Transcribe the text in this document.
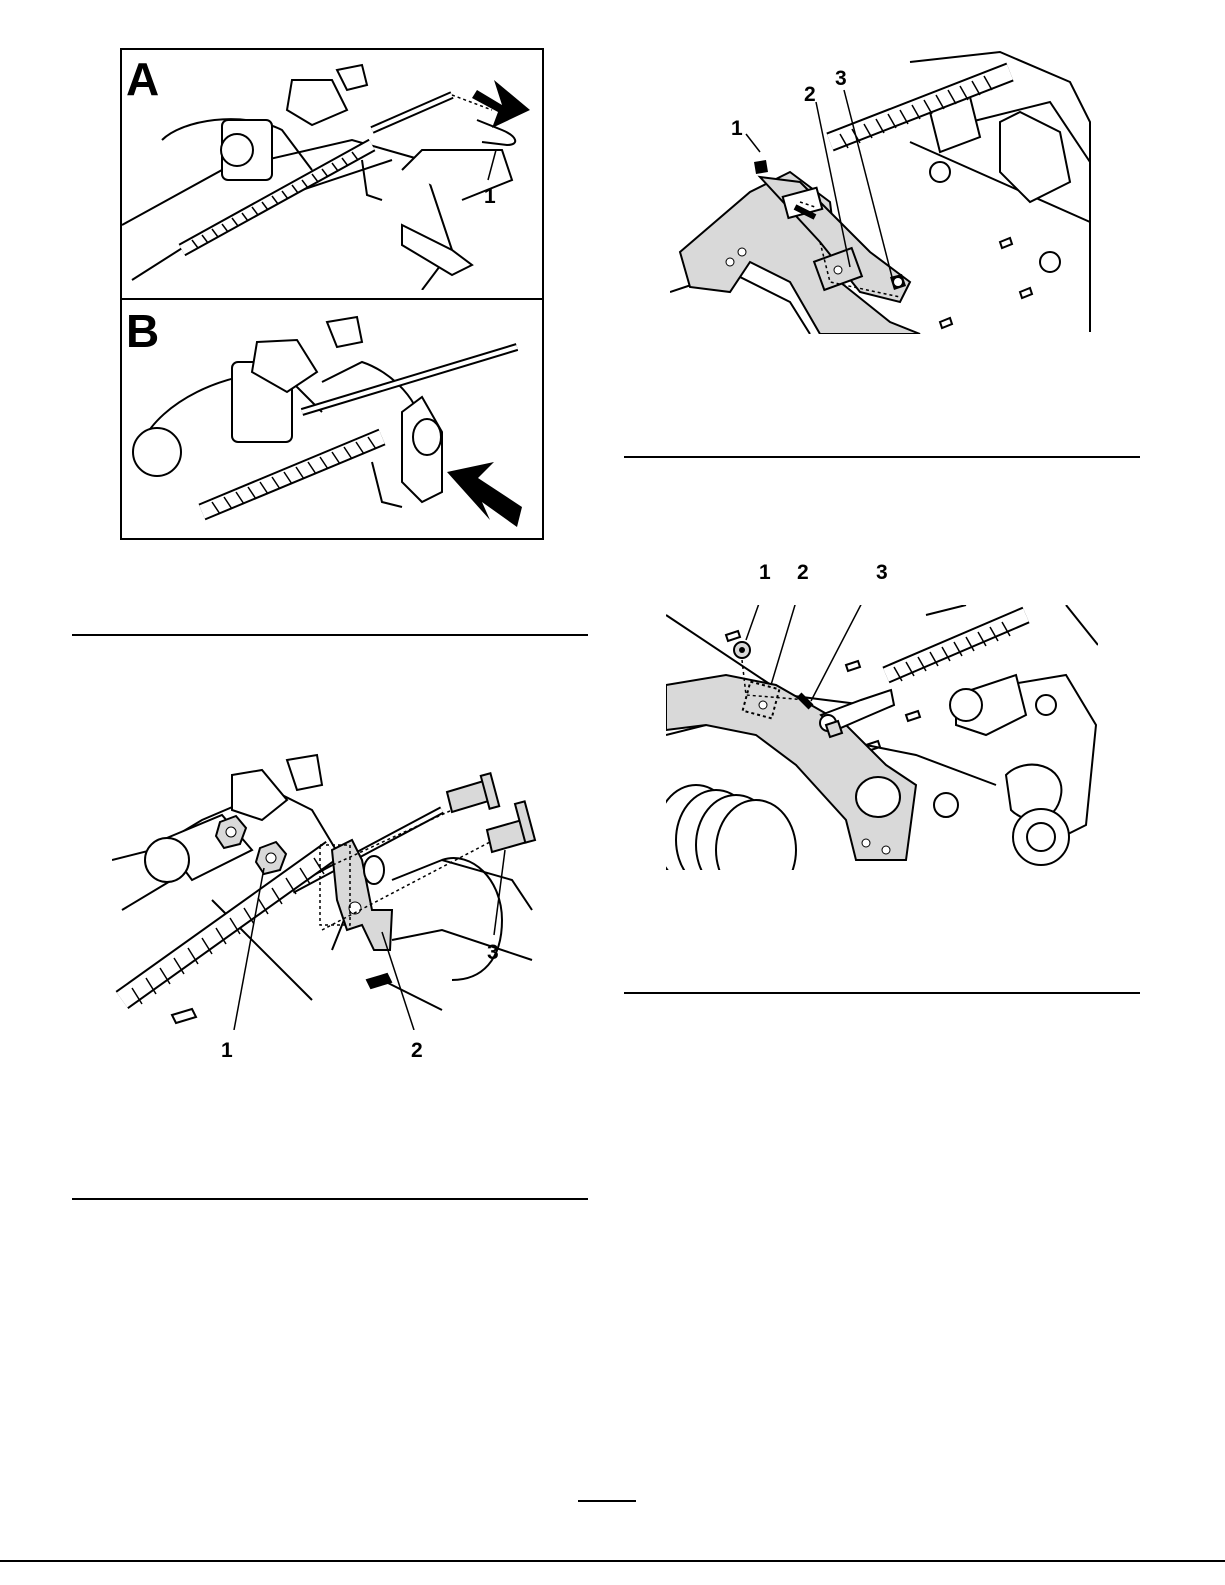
A
1
B
1
2
3
1	2
3
1 2	3
